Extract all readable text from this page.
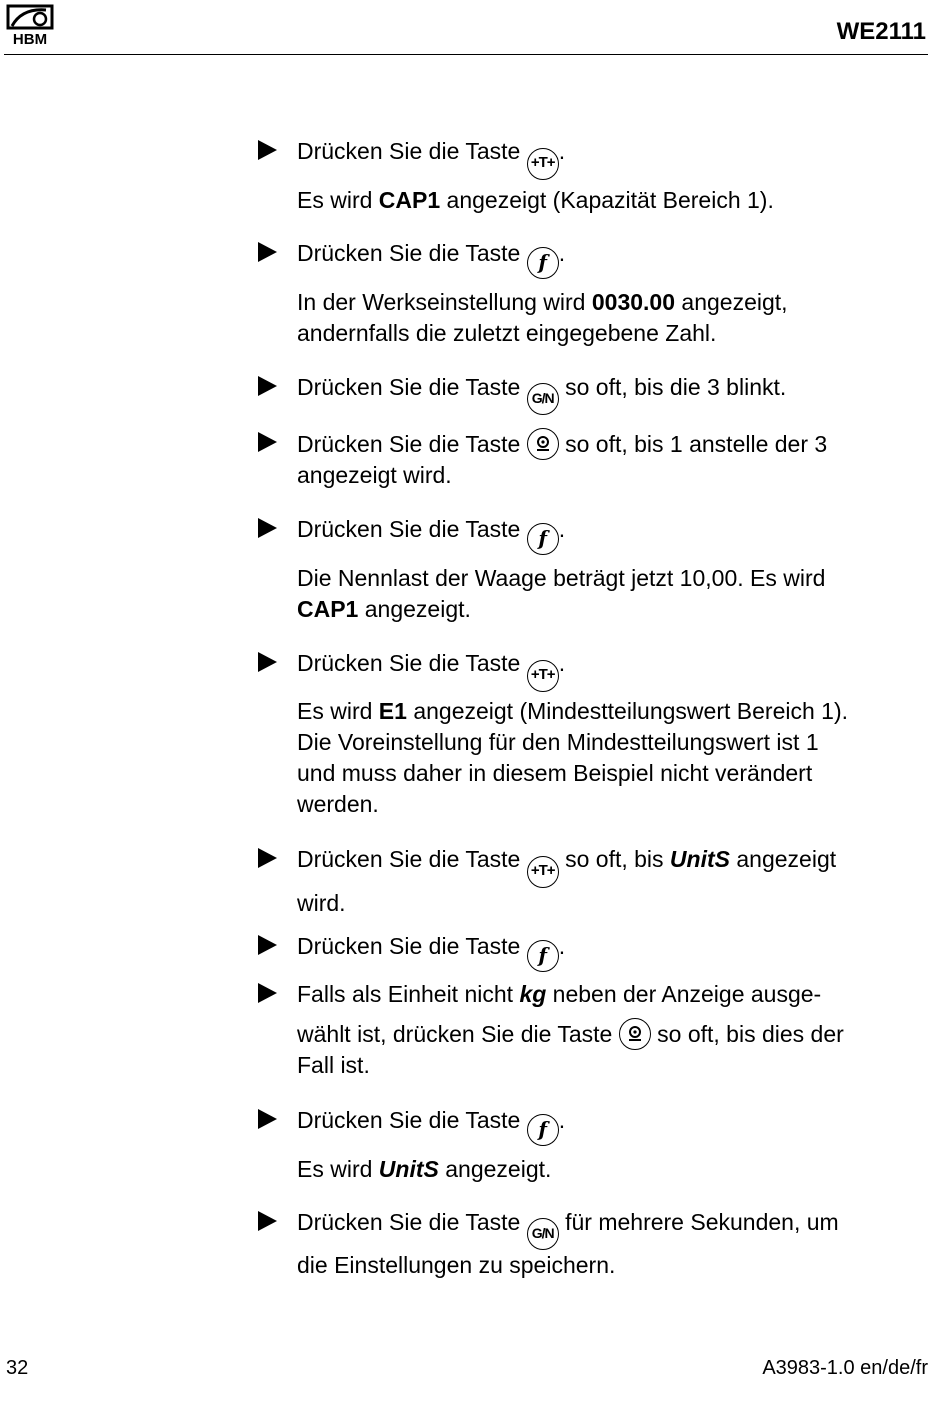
HBM	WE2111
Drücken Sie die Taste +T+ .
Es wird CAP1 angezeigt (Kapazität Bereich 1).
Drücken Sie die Taste f .
In der Werkseinstellung wird 0030.00 angezeigt,
andernfalls die zuletzt eingegebene Zahl.
Drücken Sie die Taste G/N so oft, bis die 3 blinkt.
Drücken Sie die Taste
so oft, bis 1 anstelle der 3
angezeigt wird.
Drücken Sie die Taste f .
Die Nennlast der Waage beträgt jetzt 10,00. Es wird
CAP1 angezeigt.
Drücken Sie die Taste +T+ .
Es wird E1 angezeigt (Mindestteilungswert Bereich 1).
Die Voreinstellung für den Mindestteilungswert ist 1
und muss daher in diesem Beispiel nicht verändert
werden.
Drücken Sie die Taste +T+ so oft, bis UnitS angezeigt
wird.
Drücken Sie die Taste f .
Falls als Einheit nicht kg neben der Anzeige ausge-
wählt ist, drücken Sie die Taste
so oft, bis dies der
Fall ist.
Drücken Sie die Taste f .
Es wird UnitS angezeigt.
Drücken Sie die Taste G/N für mehrere Sekunden, um
die Einstellungen zu speichern.
32	A3983-1.0 en/de/fr
